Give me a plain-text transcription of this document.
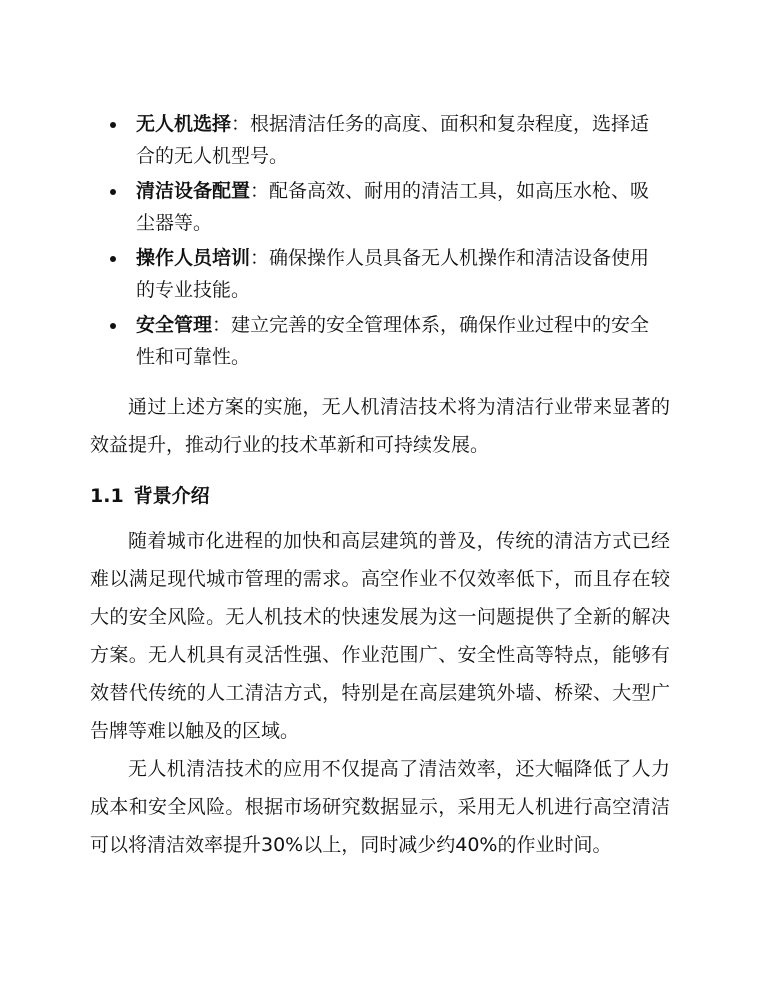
无人机选择：根据清洁任务的高度、面积和复杂程度，选择适合的无人机型号。
清洁设备配置：配备高效、耐用的清洁工具，如高压水枪、吸尘器等。
操作人员培训：确保操作人员具备无人机操作和清洁设备使用的专业技能。
安全管理：建立完善的安全管理体系，确保作业过程中的安全性和可靠性。

通过上述方案的实施，无人机清洁技术将为清洁行业带来显著的效益提升，推动行业的技术革新和可持续发展。

1.1 背景介绍

随着城市化进程的加快和高层建筑的普及，传统的清洁方式已经难以满足现代城市管理的需求。高空作业不仅效率低下，而且存在较大的安全风险。无人机技术的快速发展为这一问题提供了全新的解决方案。无人机具有灵活性强、作业范围广、安全性高等特点，能够有效替代传统的人工清洁方式，特别是在高层建筑外墙、桥梁、大型广告牌等难以触及的区域。

无人机清洁技术的应用不仅提高了清洁效率，还大幅降低了人力成本和安全风险。根据市场研究数据显示，采用无人机进行高空清洁可以将清洁效率提升30%以上，同时减少约40%的作业时间。
